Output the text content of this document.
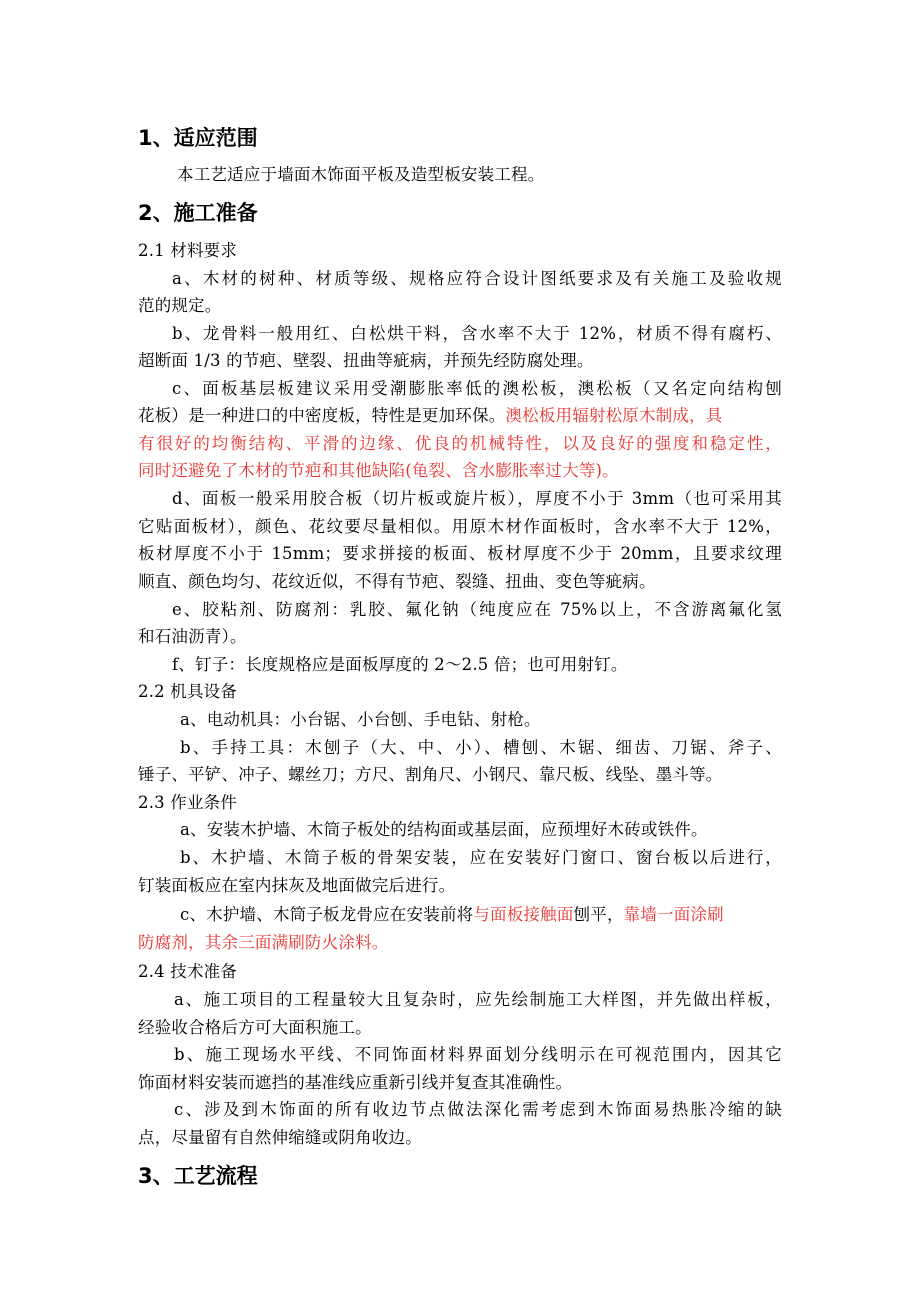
1、适应范围
本工艺适应于墙面木饰面平板及造型板安装工程。
2、施工准备
2.1 材料要求
a、木材的树种、材质等级、规格应符合设计图纸要求及有关施工及验收规
范的规定。
b、龙骨料一般用红、白松烘干料，含水率不大于 12%，材质不得有腐朽、
超断面 1/3 的节疤、壁裂、扭曲等疵病，并预先经防腐处理。
c、面板基层板建议采用受潮膨胀率低的澳松板，澳松板（又名定向结构刨
花板）是一种进口的中密度板，特性是更加环保。澳松板用辐射松原木制成，具
有很好的均衡结构、平滑的边缘、优良的机械特性，以及良好的强度和稳定性，
同时还避免了木材的节疤和其他缺陷(龟裂、含水膨胀率过大等)。
d、面板一般采用胶合板（切片板或旋片板），厚度不小于 3mm（也可采用其
它贴面板材），颜色、花纹要尽量相似。用原木材作面板时，含水率不大于 12%，
板材厚度不小于 15mm；要求拼接的板面、板材厚度不少于 20mm，且要求纹理
顺直、颜色均匀、花纹近似，不得有节疤、裂缝、扭曲、变色等疵病。
e、胶粘剂、防腐剂：乳胶、氟化钠（纯度应在 75%以上，不含游离氟化氢
和石油沥青）。
f、钉子：长度规格应是面板厚度的 2～2.5 倍；也可用射钉。
2.2 机具设备
a、电动机具：小台锯、小台刨、手电钻、射枪。
b、手持工具：木刨子（大、中、小）、槽刨、木锯、细齿、刀锯、斧子、
锤子、平铲、冲子、螺丝刀；方尺、割角尺、小钢尺、靠尺板、线坠、墨斗等。
2.3 作业条件
a、安装木护墙、木筒子板处的结构面或基层面，应预埋好木砖或铁件。
b、木护墙、木筒子板的骨架安装，应在安装好门窗口、窗台板以后进行，
钉装面板应在室内抹灰及地面做完后进行。
c、木护墙、木筒子板龙骨应在安装前将与面板接触面刨平，靠墙一面涂刷
防腐剂，其余三面满刷防火涂料。
2.4 技术准备
a、施工项目的工程量较大且复杂时，应先绘制施工大样图，并先做出样板，
经验收合格后方可大面积施工。
b、施工现场水平线、不同饰面材料界面划分线明示在可视范围内，因其它
饰面材料安装而遮挡的基准线应重新引线并复查其准确性。
c、涉及到木饰面的所有收边节点做法深化需考虑到木饰面易热胀冷缩的缺
点，尽量留有自然伸缩缝或阴角收边。
3、工艺流程
